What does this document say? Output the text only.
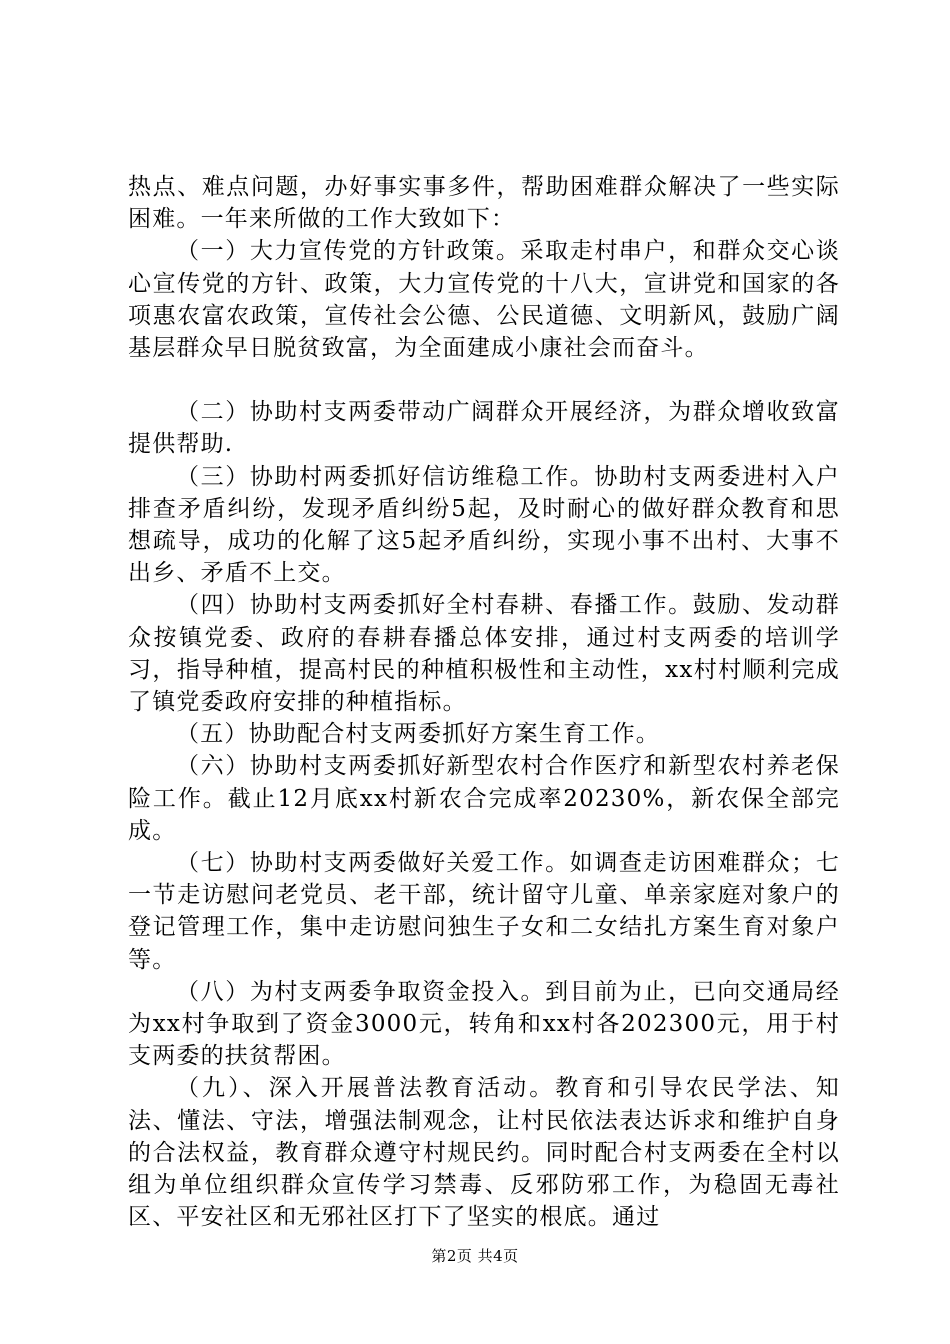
热点、难点问题，办好事实事多件，帮助困难群众解决了一些实际困难。一年来所做的工作大致如下：

（一）大力宣传党的方针政策。采取走村串户，和群众交心谈心宣传党的方针、政策，大力宣传党的十八大，宣讲党和国家的各项惠农富农政策，宣传社会公德、公民道德、文明新风，鼓励广阔基层群众早日脱贫致富，为全面建成小康社会而奋斗。

（二）协助村支两委带动广阔群众开展经济，为群众增收致富提供帮助.

（三）协助村两委抓好信访维稳工作。协助村支两委进村入户排查矛盾纠纷，发现矛盾纠纷5起，及时耐心的做好群众教育和思想疏导，成功的化解了这5起矛盾纠纷，实现小事不出村、大事不出乡、矛盾不上交。

（四）协助村支两委抓好全村春耕、春播工作。鼓励、发动群众按镇党委、政府的春耕春播总体安排，通过村支两委的培训学习，指导种植，提高村民的种植积极性和主动性，xx村村顺利完成了镇党委政府安排的种植指标。

（五）协助配合村支两委抓好方案生育工作。

（六）协助村支两委抓好新型农村合作医疗和新型农村养老保险工作。截止12月底xx村新农合完成率20230%，新农保全部完成。

（七）协助村支两委做好关爱工作。如调查走访困难群众；七一节走访慰问老党员、老干部，统计留守儿童、单亲家庭对象户的登记管理工作，集中走访慰问独生子女和二女结扎方案生育对象户等。

（八）为村支两委争取资金投入。到目前为止，已向交通局经为xx村争取到了资金3000元，转角和xx村各202300元，用于村支两委的扶贫帮困。

（九）、深入开展普法教育活动。教育和引导农民学法、知法、懂法、守法，增强法制观念，让村民依法表达诉求和维护自身的合法权益，教育群众遵守村规民约。同时配合村支两委在全村以组为单位组织群众宣传学习禁毒、反邪防邪工作，为稳固无毒社区、平安社区和无邪社区打下了坚实的根底。通过

第2页 共4页
